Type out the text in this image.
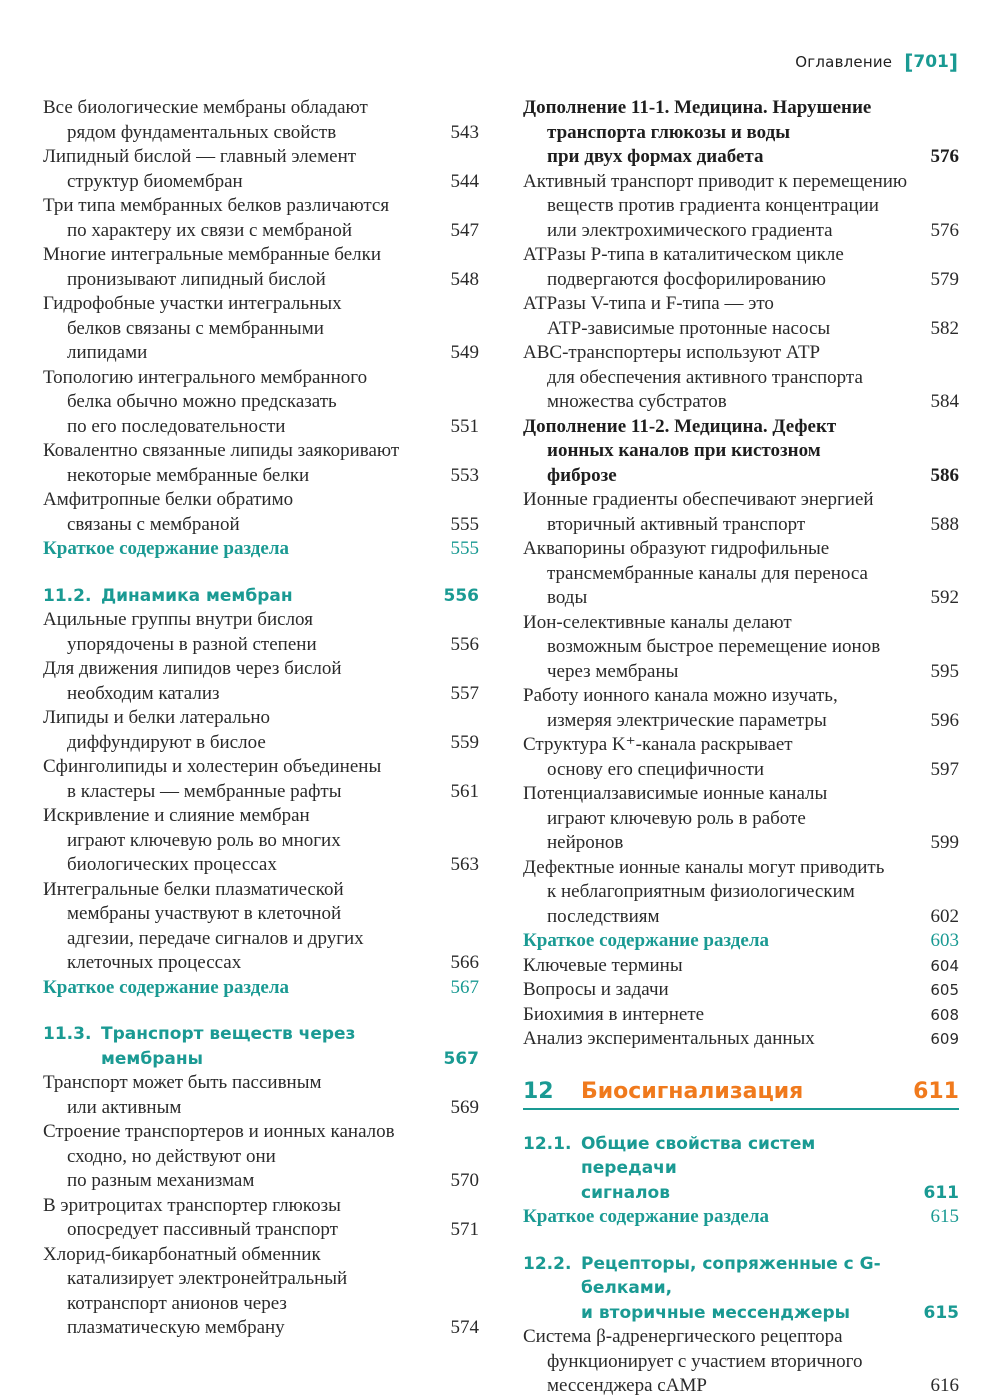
Оглавление [ 701 ]
Все биологические мембраны обладают
рядом фундаментальных свойств	543
Липидный бислой — главный элемент
структур биомембран	544
Три типа мембранных белков различаются
по характеру их связи с мембраной	547
Многие интегральные мембранные белки
пронизывают липидный бислой	548
Гидрофобные участки интегральных
белков связаны с мембранными
липидами	549
Топологию интегрального мембранного
белка обычно можно предсказать
по его последовательности	551
Ковалентно связанные липиды заякоривают
некоторые мембранные белки	553
Амфитропные белки обратимо
связаны с мембраной	555
Краткое содержание раздела	555
11.2. Динамика мембран	556
Ацильные группы внутри бислоя
упорядочены в разной степени	556
Для движения липидов через бислой
необходим катализ	557
Липиды и белки латерально
диффундируют в бислое	559
Сфинголипиды и холестерин объединены
в кластеры — мембранные рафты	561
Искривление и слияние мембран
играют ключевую роль во многих
биологических процессах	563
Интегральные белки плазматической
мембраны участвуют в клеточной
адгезии, передаче сигналов и других
клеточных процессах	566
Краткое содержание раздела	567
11.3. Транспорт веществ через мембраны	567
Транспорт может быть пассивным
или активным	569
Строение транспортеров и ионных каналов
сходно, но действуют они
по разным механизмам	570
В эритроцитах транспортер глюкозы
опосредует пассивный транспорт	571
Хлорид-бикарбонатный обменник
катализирует электронейтральный
котранспорт анионов через
плазматическую мембрану	574
Дополнение 11-1. Медицина. Нарушение
транспорта глюкозы и воды
при двух формах диабета	576
Активный транспорт приводит к перемещению
веществ против градиента концентрации
или электрохимического градиента	576
АТРазы Р-типа в каталитическом цикле
подвергаются фосфорилированию	579
АТРазы V-типа и F-типа — это
АТР-зависимые протонные насосы	582
АВС-транспортеры используют АТР
для обеспечения активного транспорта
множества субстратов	584
Дополнение 11-2. Медицина. Дефект
ионных каналов при кистозном
фиброзе	586
Ионные градиенты обеспечивают энергией
вторичный активный транспорт	588
Аквапорины образуют гидрофильные
трансмембранные каналы для переноса
воды	592
Ион-селективные каналы делают
возможным быстрое перемещение ионов
через мембраны	595
Работу ионного канала можно изучать,
измеряя электрические параметры	596
Структура K⁺-канала раскрывает
основу его специфичности	597
Потенциалзависимые ионные каналы
играют ключевую роль в работе
нейронов	599
Дефектные ионные каналы могут приводить
к неблагоприятным физиологическим
последствиям	602
Краткое содержание раздела	603
Ключевые термины	604
Вопросы и задачи	605
Биохимия в интернете	608
Анализ экспериментальных данных	609
12	Биосигнализация	611
12.1. Общие свойства систем передачи
сигналов	611
Краткое содержание раздела	615
12.2. Рецепторы, сопряженные с G-белками,
и вторичные мессенджеры	615
Система β-адренергического рецептора
функционирует с участием вторичного
мессенджера сАМР	616
